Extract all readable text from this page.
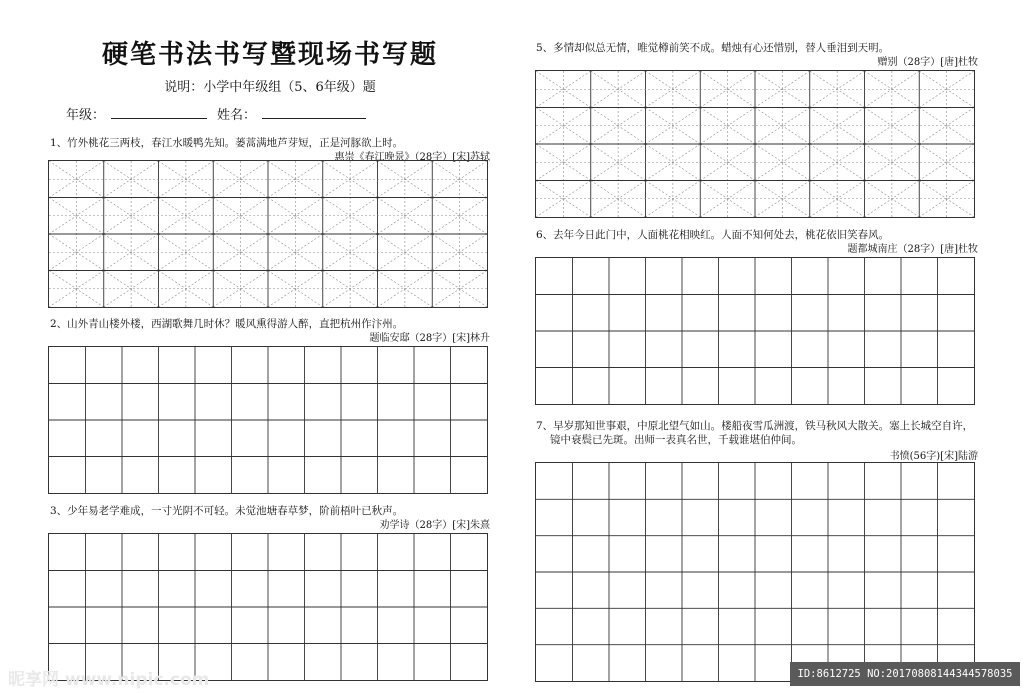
硬笔书法书写暨现场书写题
说明：小学中年级组（5、6年级）题
年级：	姓名：
1、竹外桃花三两枝，春江水暖鸭先知。蒌蒿满地芦芽短，正是河豚欲上时。
惠崇《春江晚景》（28字）[宋]苏轼
2、山外青山楼外楼，西湖歌舞几时休？暖风熏得游人醉，直把杭州作汴州。
题临安邸（28字）[宋]林升
3、少年易老学难成，一寸光阴不可轻。未觉池塘春草梦，阶前梧叶已秋声。
劝学诗（28字）[宋]朱熹
5、多情却似总无情，唯觉樽前笑不成。蜡烛有心还惜别，替人垂泪到天明。
赠别（28字）[唐]杜牧
6、去年今日此门中，人面桃花相映红。人面不知何处去，桃花依旧笑春风。
题都城南庄（28字）[唐]杜牧
7、早岁那知世事艰，中原北望气如山。楼船夜雪瓜洲渡，铁马秋风大散关。塞上长城空自许，
镜中衰鬓已先斑。出师一表真名世，千载谁堪伯仲间。
书愤(56字)[宋]陆游
昵享网 www.nipic.com	ID:8612725 NO:20170808144344578035
